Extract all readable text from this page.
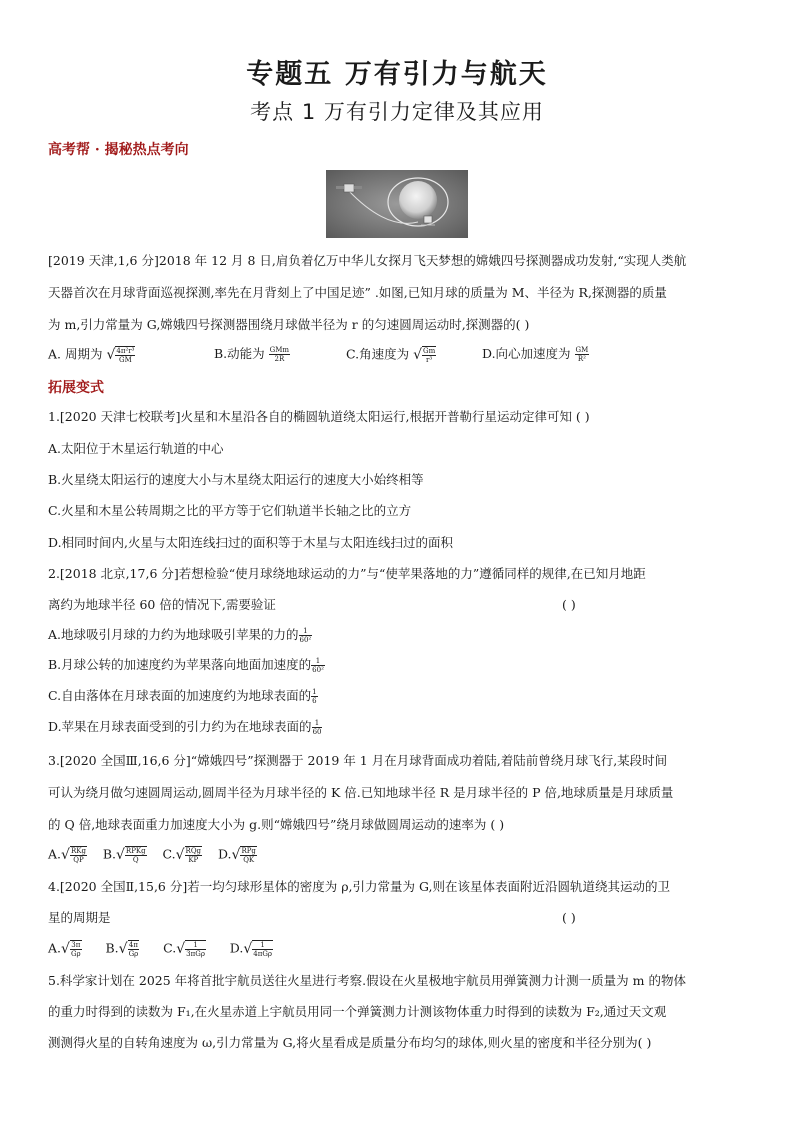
专题五 万有引力与航天
考点 1 万有引力定律及其应用
高考帮 · 揭秘热点考向
[2019 天津,1,6 分]2018 年 12 月 8 日,肩负着亿万中华儿女探月飞天梦想的嫦娥四号探测器成功发射,“实现人类航
天器首次在月球背面巡视探测,率先在月背刻上了中国足迹” .如图,已知月球的质量为 M、半径为 R,探测器的质量
为 m,引力常量为 G,嫦娥四号探测器围绕月球做半径为 r 的匀速圆周运动时,探测器的( )
A. 周期为 √ $\frac{\text{4π²r³}}{GM}$	B.动能为 $\frac{\text{GMm}}{2R}$	C.角速度为 √ $\frac{Gm}{\text{r³}}$	D.向心加速度为 $\frac{GM}{\text{R²}}$
拓展变式
1.[2020 天津七校联考]火星和木星沿各自的椭圆轨道绕太阳运行,根据开普勒行星运动定律可知 ( )
A.太阳位于木星运行轨道的中心
B.火星绕太阳运行的速度大小与木星绕太阳运行的速度大小始终相等
C.火星和木星公转周期之比的平方等于它们轨道半长轴之比的立方
D.相同时间内,火星与太阳连线扫过的面积等于木星与太阳连线扫过的面积
2.[2018 北京,17,6 分]若想检验“使月球绕地球运动的力”与“使苹果落地的力”遵循同样的规律,在已知月地距
离约为地球半径 60 倍的情况下,需要验证	( )
A.地球吸引月球的力约为地球吸引苹果的力的 $\frac{1}{\text{60²}}$
B.月球公转的加速度约为苹果落向地面加速度的 $\frac{1}{\text{60²}}$
C.自由落体在月球表面的加速度约为地球表面的 $\frac{1}{6}$
D.苹果在月球表面受到的引力约为在地球表面的 $\frac{1}{60}$
3.[2020 全国Ⅲ,16,6 分]“嫦娥四号”探测器于 2019 年 1 月在月球背面成功着陆,着陆前曾绕月球飞行,某段时间
可认为绕月做匀速圆周运动,圆周半径为月球半径的 K 倍.已知地球半径 R 是月球半径的 P 倍,地球质量是月球质量
的 Q 倍,地球表面重力加速度大小为 g.则“嫦娥四号”绕月球做圆周运动的速率为 ( )
$A.√ \frac{\text{RKg}}{QP} B.√ \frac{\text{RPKg}}{Q} C.√ \frac{\text{RQg}}{KP} D.√ \frac{\text{RPg}}{QK}$
4.[2020 全国Ⅱ,15,6 分]若一均匀球形星体的密度为 ρ,引力常量为 G,则在该星体表面附近沿圆轨道绕其运动的卫
星的周期是	( )
$A.√ \frac{3\pi}{G\rho} B.√ \frac{4\pi}{G\rho} C.√ \frac{1}{\text{3πGρ}} D.√ \frac{1}{\text{4πGρ}}$
5.科学家计划在 2025 年将首批宇航员送往火星进行考察.假设在火星极地宇航员用弹簧测力计测一质量为 m 的物体
的重力时得到的读数为 F₁,在火星赤道上宇航员用同一个弹簧测力计测该物体重力时得到的读数为 F₂,通过天文观
测测得火星的自转角速度为 ω,引力常量为 G,将火星看成是质量分布均匀的球体,则火星的密度和半径分别为( )
